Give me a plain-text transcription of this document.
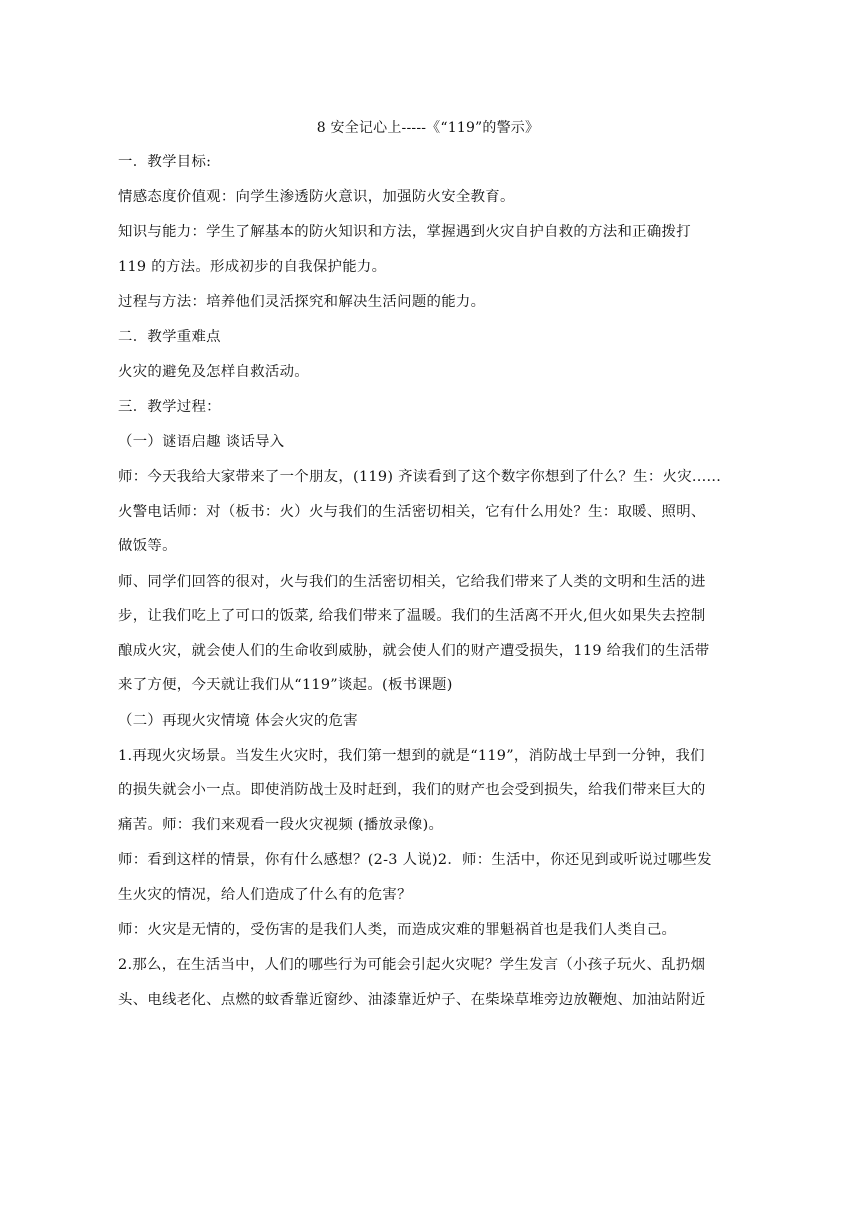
8 安全记心上-----《“119”的警示》
一．教学目标:
情感态度价值观：向学生渗透防火意识，加强防火安全教育。
知识与能力：学生了解基本的防火知识和方法，掌握遇到火灾自护自救的方法和正确拨打
119 的方法。形成初步的自我保护能力。
过程与方法：培养他们灵活探究和解决生活问题的能力。
二．教学重难点
火灾的避免及怎样自救活动。
三．教学过程：
（一）谜语启趣 谈话导入
师：今天我给大家带来了一个朋友，(119) 齐读看到了这个数字你想到了什么？生：火灾......
火警电话师：对（板书：火）火与我们的生活密切相关，它有什么用处？生：取暖、照明、
做饭等。
师、同学们回答的很对，火与我们的生活密切相关，它给我们带来了人类的文明和生活的进
步，让我们吃上了可口的饭菜, 给我们带来了温暖。我们的生活离不开火,但火如果失去控制
酿成火灾，就会使人们的生命收到威胁，就会使人们的财产遭受损失，119 给我们的生活带
来了方便，今天就让我们从“119”谈起。(板书课题)
（二）再现火灾情境 体会火灾的危害
1.再现火灾场景。当发生火灾时，我们第一想到的就是“119”，消防战士早到一分钟，我们
的损失就会小一点。即使消防战士及时赶到，我们的财产也会受到损失，给我们带来巨大的
痛苦。师：我们来观看一段火灾视频 (播放录像)。
师：看到这样的情景，你有什么感想？(2-3 人说)2．师：生活中，你还见到或听说过哪些发
生火灾的情况，给人们造成了什么有的危害？
师：火灾是无情的，受伤害的是我们人类，而造成灾难的罪魁祸首也是我们人类自己。
2.那么，在生活当中，人们的哪些行为可能会引起火灾呢？学生发言（小孩子玩火、乱扔烟
头、电线老化、点燃的蚊香靠近窗纱、油漆靠近炉子、在柴垛草堆旁边放鞭炮、加油站附近
